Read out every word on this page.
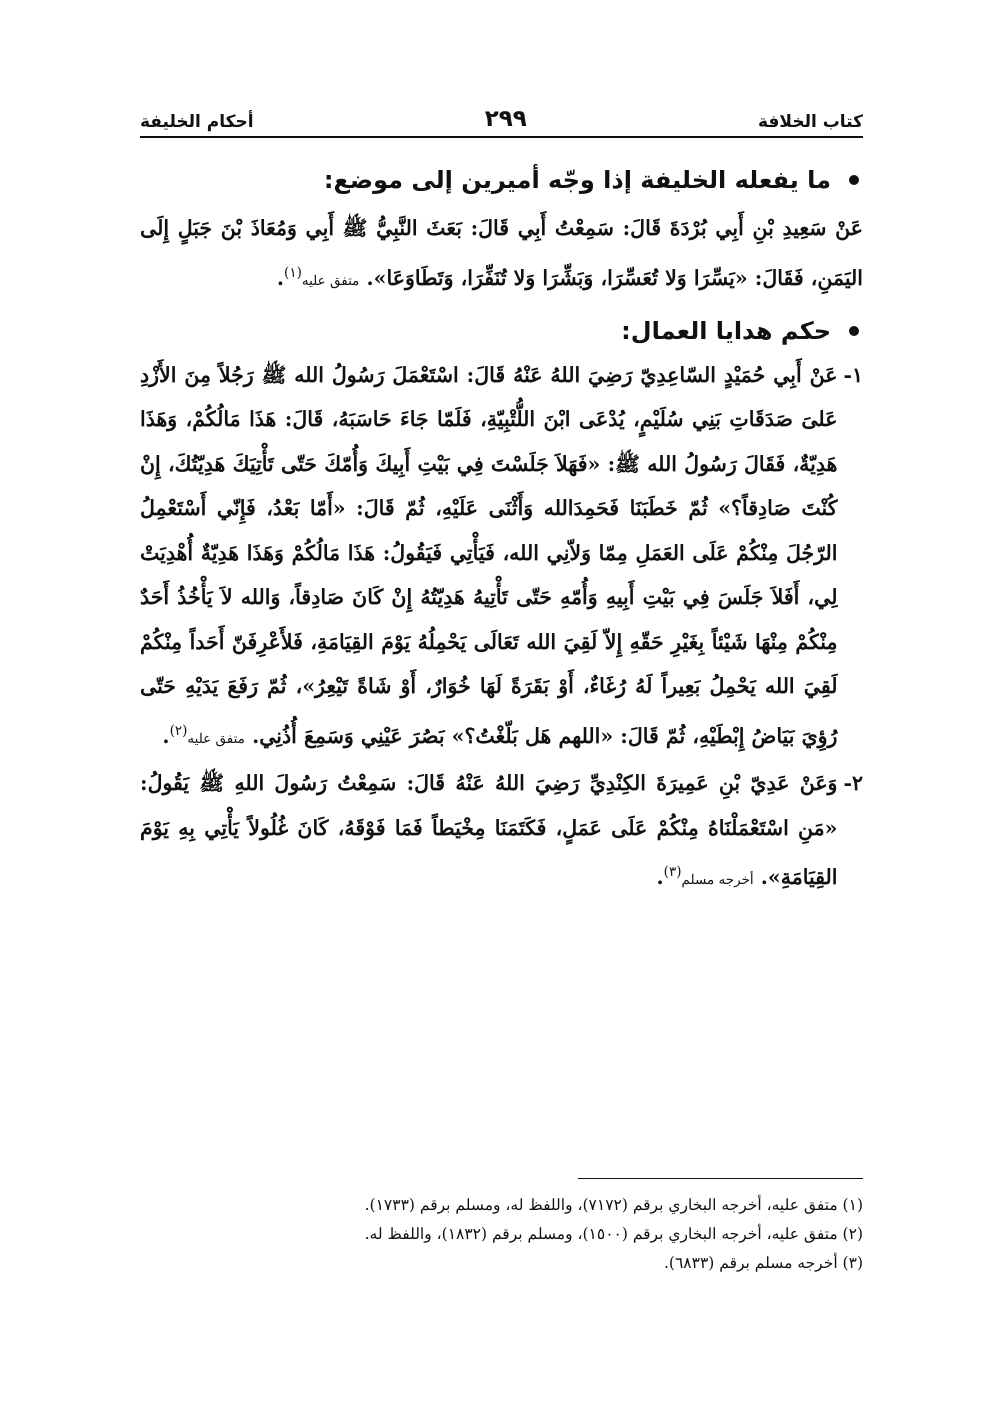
كتاب الخلافة
٢٩٩
أحكام الخليفة
ما يفعله الخليفة إذا وجّه أميرين إلى موضع:

عَنْ سَعِيدِ بْنِ أَبِي بُرْدَةَ قَالَ: سَمِعْتُ أَبِي قَالَ: بَعَثَ النَّبِيُّ ﷺ أَبِي وَمُعَاذَ بْنَ جَبَلٍ إِلَى اليَمَنِ، فَقَالَ: «يَسِّرَا وَلا تُعَسِّرَا، وَبَشِّرَا وَلا تُنَفِّرَا، وَتَطَاوَعَا». متفق عليه$^{(١)}$.

حكم هدايا العمال:
١-
عَنْ أَبِي حُمَيْدٍ السّاعِدِيّ رَضِيَ اللهُ عَنْهُ قَالَ: اسْتَعْمَلَ رَسُولُ الله ﷺ رَجُلاً مِنَ الأَزْدِ عَلىَ صَدَقَاتِ بَنِي سُلَيْمٍ، يُدْعَى ابْنَ اللُّتْبِيّةِ، فَلَمّا جَاءَ حَاسَبَهُ، قَالَ: هَذَا مَالُكُمْ، وَهَذَا هَدِيّةٌ، فَقَالَ رَسُولُ الله ﷺ: «فَهَلاَ جَلَسْتَ فِي بَيْتِ أَبِيكَ وَأُمّكَ حَتّى تَأْتِيَكَ هَدِيّتُكَ، إِنْ كُنْتَ صَادِقاً؟» ثُمّ خَطَبَنَا فَحَمِدَالله وَأَثْنَى عَلَيْهِ، ثُمّ قَالَ: «أَمّا بَعْدُ، فَإِنّي أَسْتَعْمِلُ الرّجُلَ مِنْكُمْ عَلَى العَمَلِ مِمّا وَلاّنِي الله، فَيَأْتِي فَيَقُولُ: هَذَا مَالُكُمْ وَهَذَا هَدِيّةٌ أُهْدِيَتْ لِي، أَفَلاَ جَلَسَ فِي بَيْتِ أَبِيهِ وَأُمّهِ حَتّى تَأْتِيهُ هَدِيّتُهُ إِنْ كَانَ صَادِقاً، وَالله لاَ يَأْخُذُ أَحَدٌ مِنْكُمْ مِنْهَا شَيْئاً بِغَيْرِ حَقّهِ إِلاّ لَقِيَ الله تَعَالَى يَحْمِلُهُ يَوْمَ القِيَامَةِ، فَلأَعْرِفَنّ أَحَداً مِنْكُمْ لَقِيَ الله يَحْمِلُ بَعِيراً لَهُ رُغَاءٌ، أَوْ بَقَرَةً لَهَا خُوَارٌ، أَوْ شَاةً تَيْعِرُ»، ثُمّ رَفَعَ يَدَيْهِ حَتّى رُؤِيَ بَيَاضُ إِبْطَيْهِ، ثُمّ قَالَ: «اللهم هَل بَلّغْتُ؟» بَصُرَ عَيْنِي وَسَمِعَ أُذُنِي. متفق عليه$^{(٢)}$.
٢-
وَعَنْ عَدِيّ بْنِ عَمِيرَةَ الكِنْدِيِّ رَضِيَ اللهُ عَنْهُ قَالَ: سَمِعْتُ رَسُولَ اللهِ ﷺ يَقُولُ: «مَنِ اسْتَعْمَلْنَاهُ مِنْكُمْ عَلَى عَمَلٍ، فَكَتَمَنَا مِخْيَطاً فَمَا فَوْقَهُ، كَانَ غُلُولاً يَأْتِي بِهِ يَوْمَ القِيَامَةِ». أخرجه مسلم$^{(٣)}$.

(١) متفق عليه، أخرجه البخاري برقم (٧١٧٢)، واللفظ له، ومسلم برقم (١٧٣٣).

(٢) متفق عليه، أخرجه البخاري برقم (١٥٠٠)، ومسلم برقم (١٨٣٢)، واللفظ له.

(٣) أخرجه مسلم برقم (٦٨٣٣).
